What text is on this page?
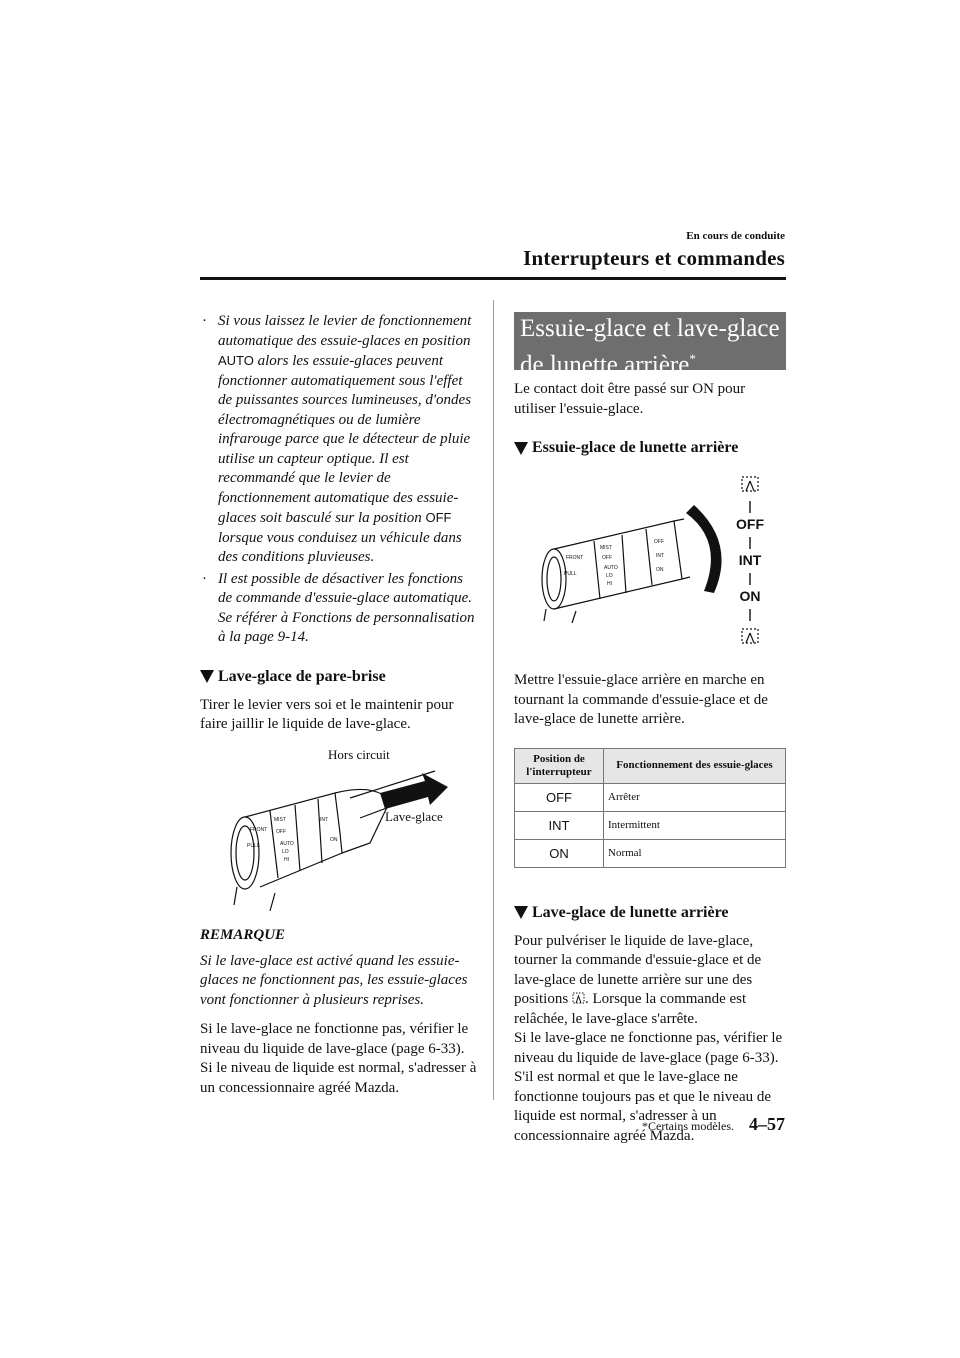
En cours de conduite
Interrupteurs et commandes
· Si vous laissez le levier de fonctionnement automatique des essuie-glaces en position AUTO alors les essuie-glaces peuvent fonctionner automatiquement sous l'effet de puissantes sources lumineuses, d'ondes électromagnétiques ou de lumière infrarouge parce que le détecteur de pluie utilise un capteur optique. Il est recommandé que le levier de fonctionnement automatique des essuie-glaces soit basculé sur la position OFF lorsque vous conduisez un véhicule dans des conditions pluvieuses.
· Il est possible de désactiver les fonctions de commande d'essuie-glace automatique. Se référer à Fonctions de personnalisation à la page 9-14.
Lave-glace de pare-brise
Tirer le levier vers soi et le maintenir pour faire jaillir le liquide de lave-glace.
FRONT
PULL
MIST
OFF
AUTO
LO
HI
INT
ON
Hors circuit
Lave-glace
REMARQUE
Si le lave-glace est activé quand les essuie-glaces ne fonctionnent pas, les essuie-glaces vont fonctionner à plusieurs reprises.
Si le lave-glace ne fonctionne pas, vérifier le niveau du liquide de lave-glace (page 6-33). Si le niveau de liquide est normal, s'adresser à un concessionnaire agréé Mazda.
Essuie-glace et lave-glace
de lunette arrière*
Le contact doit être passé sur ON pour utiliser l'essuie-glace.
Essuie-glace de lunette arrière
FRONT
PULL
MIST
OFF
AUTO
LO
HI
OFF
INT
ON
OFF
INT
ON
Mettre l'essuie-glace arrière en marche en tournant la commande d'essuie-glace et de lave-glace de lunette arrière.
Position de l'interrupteur	Fonctionnement des essuie-glaces
OFF	Arrêter
INT	Intermittent
ON	Normal
Lave-glace de lunette arrière
Pour pulvériser le liquide de lave-glace, tourner la commande d'essuie-glace et de lave-glace de lunette arrière sur une des positions . Lorsque la commande est relâchée, le lave-glace s'arrête.
Si le lave-glace ne fonctionne pas, vérifier le niveau du liquide de lave-glace (page 6-33). S'il est normal et que le lave-glace ne fonctionne toujours pas et que le niveau de liquide est normal, s'adresser à un concessionnaire agréé Mazda.
*Certains modèles. 4–57
